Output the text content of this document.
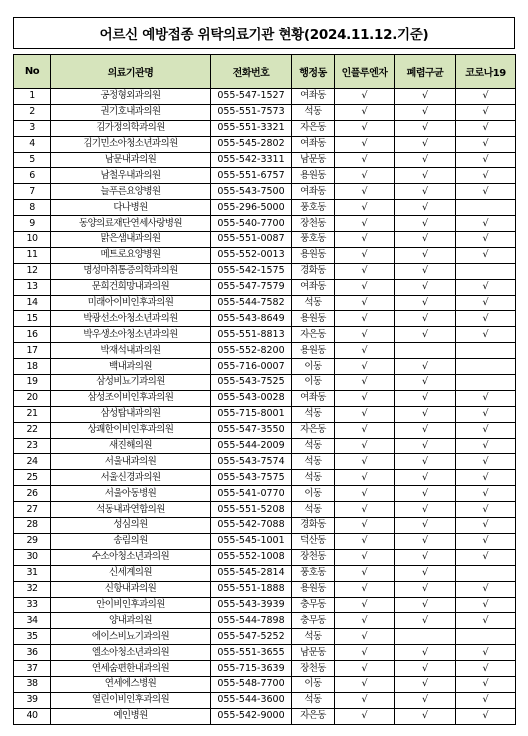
어르신 예방접종 위탁의료기관 현황(2024.11.12.기준)
No	의료기관명	전화번호	행정동	인플루엔자	폐렴구균	코로나19
1	공정형외과의원	055-547-1527	여좌동	√	√	√
2	권기호내과의원	055-551-7573	석동	√	√	√
3	김가정의학과의원	055-551-3321	자은동	√	√	√
4	김기민소아청소년과의원	055-545-2802	여좌동	√	√	√
5	남문내과의원	055-542-3311	남문동	√	√	√
6	남철우내과의원	055-551-6757	용원동	√	√	√
7	늘푸른요양병원	055-543-7500	여좌동	√	√	√
8	다나병원	055-296-5000	풍호동	√	√	
9	동양의료재단연세사랑병원	055-540-7700	장천동	√	√	√
10	맑은샘내과의원	055-551-0087	풍호동	√	√	√
11	메트로요양병원	055-552-0013	용원동	√	√	√
12	명성마취통증의학과의원	055-542-1575	경화동	√	√	
13	문희건희망내과의원	055-547-7579	여좌동	√	√	√
14	미래아이비인후과의원	055-544-7582	석동	√	√	√
15	박광선소아청소년과의원	055-543-8649	용원동	√	√	√
16	박우생소아청소년과의원	055-551-8813	자은동	√	√	√
17	박재석내과의원	055-552-8200	용원동	√		
18	백내과의원	055-716-0007	이동	√	√	
19	삼성비뇨기과의원	055-543-7525	이동	√	√	
20	삼성조이비인후과의원	055-543-0028	여좌동	√	√	√
21	삼성탑내과의원	055-715-8001	석동	√	√	√
22	상쾌한이비인후과의원	055-547-3550	자은동	√	√	√
23	새진해의원	055-544-2009	석동	√	√	√
24	서울내과의원	055-543-7574	석동	√	√	√
25	서울신경과의원	055-543-7575	석동	√	√	√
26	서울아동병원	055-541-0770	이동	√	√	√
27	석동내과연합의원	055-551-5208	석동	√	√	√
28	성심의원	055-542-7088	경화동	√	√	√
29	송림의원	055-545-1001	덕산동	√	√	√
30	수소아청소년과의원	055-552-1008	장천동	√	√	√
31	신세계의원	055-545-2814	풍호동	√	√	
32	신항내과의원	055-551-1888	용원동	√	√	√
33	안이비인후과의원	055-543-3939	충무동	√	√	√
34	양내과의원	055-544-7898	충무동	√	√	√
35	에이스비뇨기과의원	055-547-5252	석동	√		
36	엘소아청소년과의원	055-551-3655	남문동	√	√	√
37	연세숨편한내과의원	055-715-3639	장천동	√	√	√
38	연세에스병원	055-548-7700	이동	√	√	√
39	열린이비인후과의원	055-544-3600	석동	√	√	√
40	예인병원	055-542-9000	자은동	√	√	√
